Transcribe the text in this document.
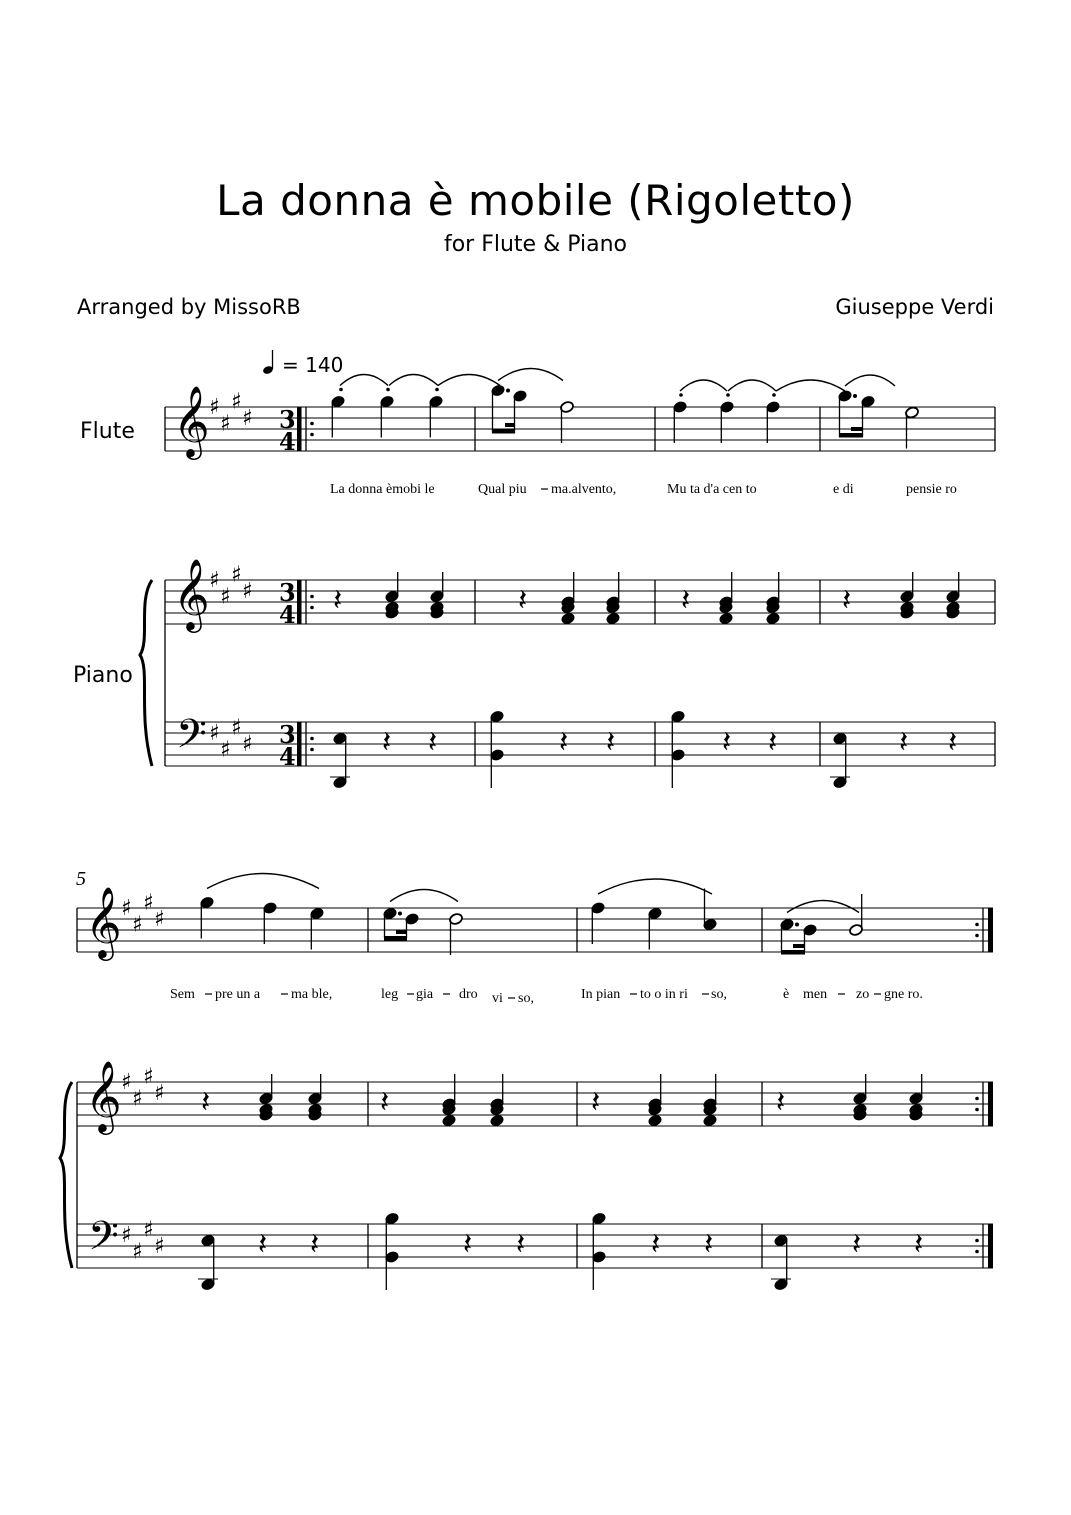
La donna è mobile (Rigoletto)
for Flute & Piano
Arranged by MissoRB	Giuseppe Verdi
Flute
Piano
= 140
5
𝄞
𝄞
𝄢
♯
♯
♯
♯
♯
♯
♯
♯
♯
♯
♯
♯
3
4
3
4
3
4
𝄽	𝄽	𝄽	𝄽
𝄽 𝄽	𝄽 𝄽	𝄽 𝄽	𝄽 𝄽
𝄞
𝄞
𝄢
♯
♯
♯
♯
♯
♯
♯
♯
♯
♯
♯
♯
𝄽	𝄽	𝄽	𝄽
𝄽 𝄽	𝄽 𝄽	𝄽 𝄽	𝄽 𝄽
La donna èmobi le	Qual piu ma.alvento,	Mu ta d'a cen to	e di	pensie ro
Sem pre un a ma ble,	leg gia dro vi so,	In pian to o in ri so,	è men zo gne ro.
